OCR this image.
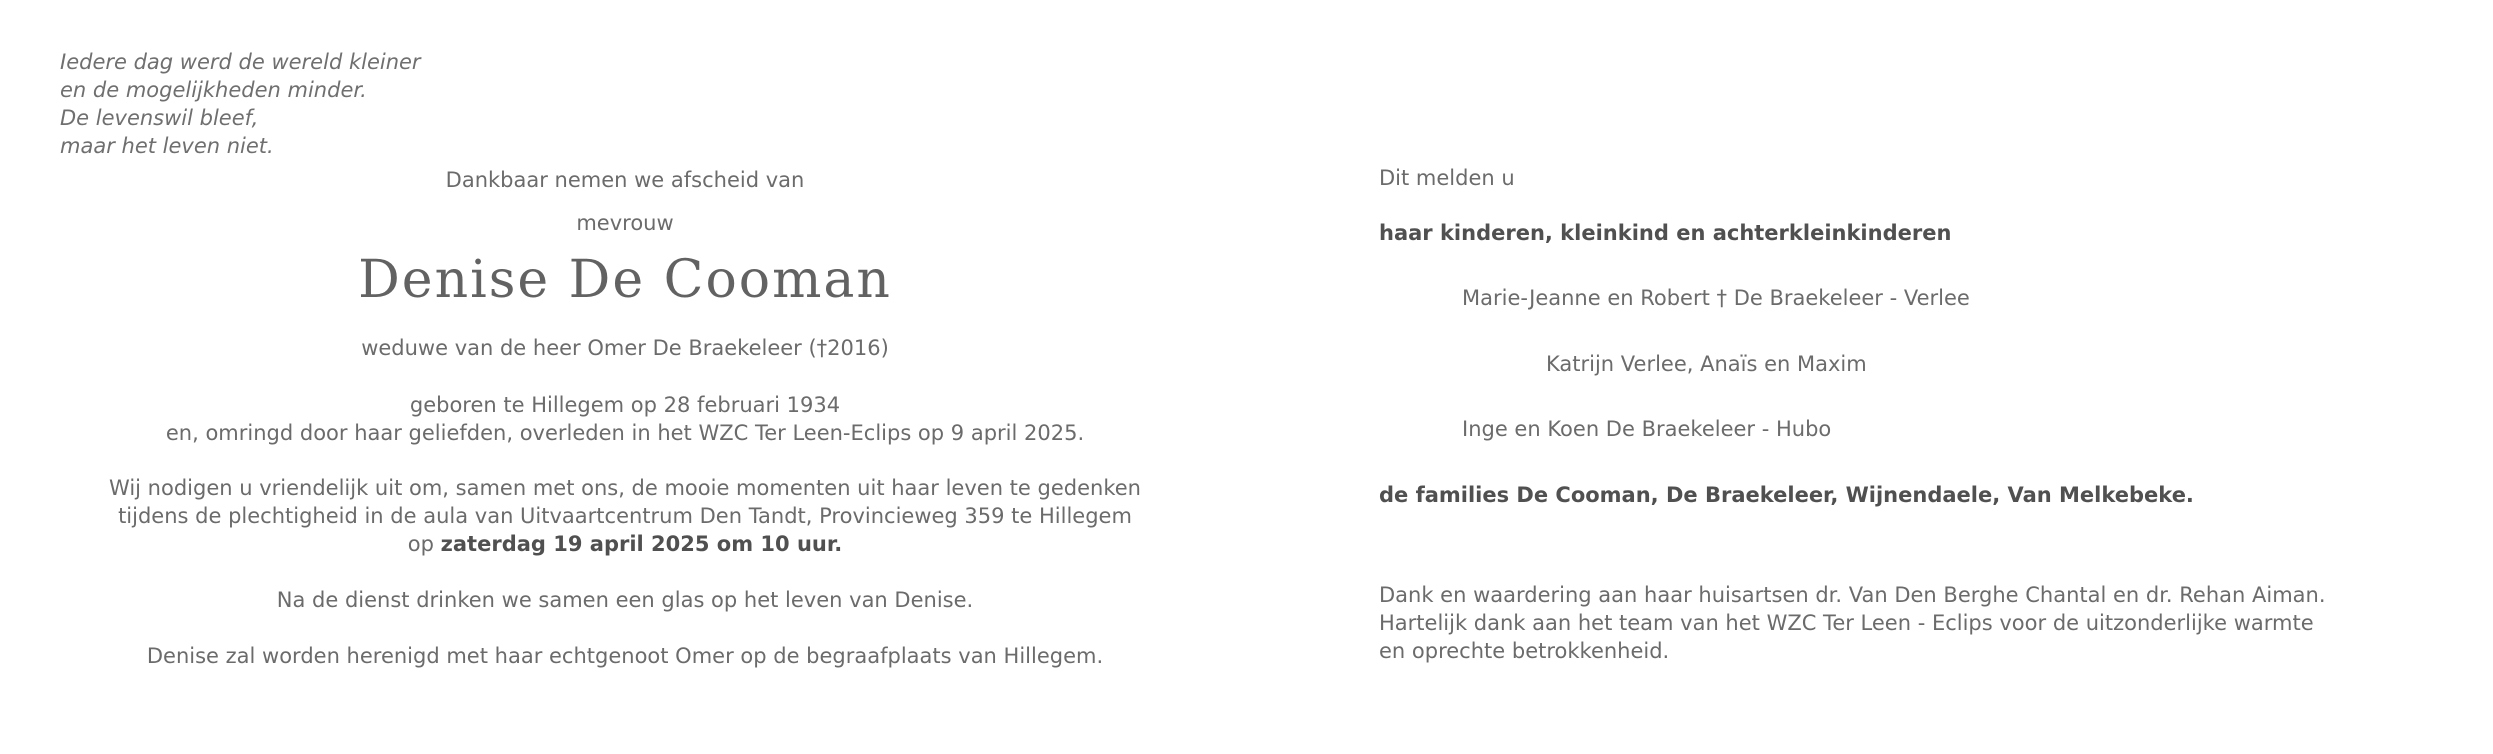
Iedere dag werd de wereld kleiner
en de mogelijkheden minder.
De levenswil bleef,
maar het leven niet.
Dankbaar nemen we afscheid van
mevrouw
Denise De Cooman
weduwe van de heer Omer De Braekeleer (†2016)
geboren te Hillegem op 28 februari 1934
en, omringd door haar geliefden, overleden in het WZC Ter Leen-Eclips op 9 april 2025.
Wij nodigen u vriendelijk uit om, samen met ons, de mooie momenten uit haar leven te gedenken
tijdens de plechtigheid in de aula van Uitvaartcentrum Den Tandt, Provincieweg 359 te Hillegem
op zaterdag 19 april 2025 om 10 uur.
Na de dienst drinken we samen een glas op het leven van Denise.
Denise zal worden herenigd met haar echtgenoot Omer op de begraafplaats van Hillegem.
Dit melden u
haar kinderen, kleinkind en achterkleinkinderen
Marie-Jeanne en Robert † De Braekeleer - Verlee
Katrijn Verlee, Anaïs en Maxim
Inge en Koen De Braekeleer - Hubo
de families De Cooman, De Braekeleer, Wijnendaele, Van Melkebeke.
Dank en waardering aan haar huisartsen dr. Van Den Berghe Chantal en dr. Rehan Aiman.
Hartelijk dank aan het team van het WZC Ter Leen - Eclips voor de uitzonderlijke warmte
en oprechte betrokkenheid.
